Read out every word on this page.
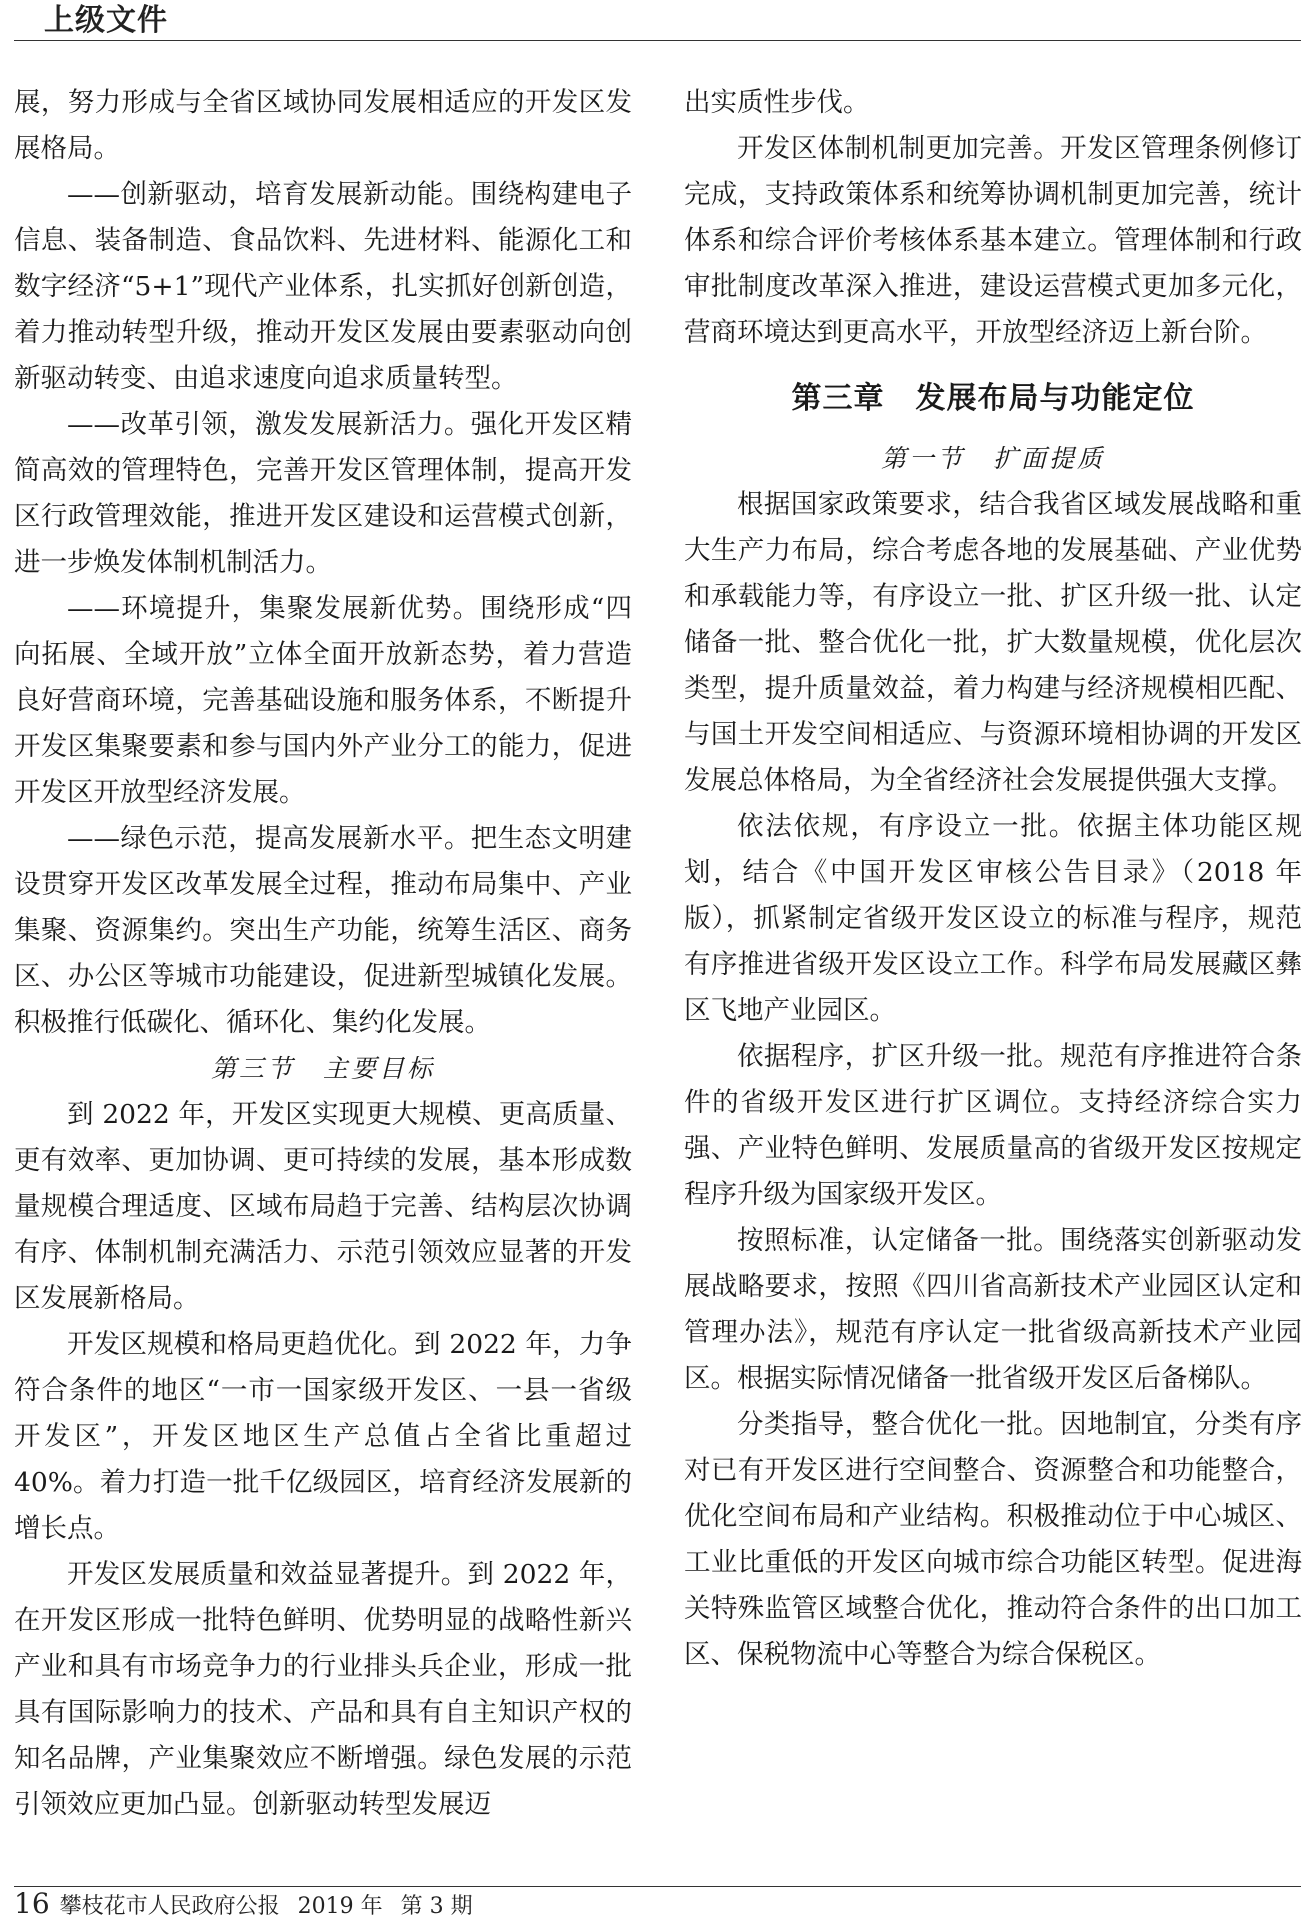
上级文件

展，努力形成与全省区域协同发展相适应的开发区发展格局。

——创新驱动，培育发展新动能。围绕构建电子信息、装备制造、食品饮料、先进材料、能源化工和数字经济“5+1”现代产业体系，扎实抓好创新创造，着力推动转型升级，推动开发区发展由要素驱动向创新驱动转变、由追求速度向追求质量转型。

——改革引领，激发发展新活力。强化开发区精简高效的管理特色，完善开发区管理体制，提高开发区行政管理效能，推进开发区建设和运营模式创新，进一步焕发体制机制活力。

——环境提升，集聚发展新优势。围绕形成“四向拓展、全域开放”立体全面开放新态势，着力营造良好营商环境，完善基础设施和服务体系，不断提升开发区集聚要素和参与国内外产业分工的能力，促进开发区开放型经济发展。

——绿色示范，提高发展新水平。把生态文明建设贯穿开发区改革发展全过程，推动布局集中、产业集聚、资源集约。突出生产功能，统筹生活区、商务区、办公区等城市功能建设，促进新型城镇化发展。积极推行低碳化、循环化、集约化发展。

第三节　主要目标

到 2022 年，开发区实现更大规模、更高质量、更有效率、更加协调、更可持续的发展，基本形成数量规模合理适度、区域布局趋于完善、结构层次协调有序、体制机制充满活力、示范引领效应显著的开发区发展新格局。

开发区规模和格局更趋优化。到 2022 年，力争符合条件的地区“一市一国家级开发区、一县一省级开发区”，开发区地区生产总值占全省比重超过 40%。着力打造一批千亿级园区，培育经济发展新的增长点。

开发区发展质量和效益显著提升。到 2022 年，在开发区形成一批特色鲜明、优势明显的战略性新兴产业和具有市场竞争力的行业排头兵企业，形成一批具有国际影响力的技术、产品和具有自主知识产权的知名品牌，产业集聚效应不断增强。绿色发展的示范引领效应更加凸显。创新驱动转型发展迈

出实质性步伐。

开发区体制机制更加完善。开发区管理条例修订完成，支持政策体系和统筹协调机制更加完善，统计体系和综合评价考核体系基本建立。管理体制和行政审批制度改革深入推进，建设运营模式更加多元化，营商环境达到更高水平，开放型经济迈上新台阶。

第三章　发展布局与功能定位

第一节　扩面提质

根据国家政策要求，结合我省区域发展战略和重大生产力布局，综合考虑各地的发展基础、产业优势和承载能力等，有序设立一批、扩区升级一批、认定储备一批、整合优化一批，扩大数量规模，优化层次类型，提升质量效益，着力构建与经济规模相匹配、与国土开发空间相适应、与资源环境相协调的开发区发展总体格局，为全省经济社会发展提供强大支撑。

依法依规，有序设立一批。依据主体功能区规划，结合《中国开发区审核公告目录》（2018 年版），抓紧制定省级开发区设立的标准与程序，规范有序推进省级开发区设立工作。科学布局发展藏区彝区飞地产业园区。

依据程序，扩区升级一批。规范有序推进符合条件的省级开发区进行扩区调位。支持经济综合实力强、产业特色鲜明、发展质量高的省级开发区按规定程序升级为国家级开发区。

按照标准，认定储备一批。围绕落实创新驱动发展战略要求，按照《四川省高新技术产业园区认定和管理办法》，规范有序认定一批省级高新技术产业园区。根据实际情况储备一批省级开发区后备梯队。

分类指导，整合优化一批。因地制宜，分类有序对已有开发区进行空间整合、资源整合和功能整合，优化空间布局和产业结构。积极推动位于中心城区、工业比重低的开发区向城市综合功能区转型。促进海关特殊监管区域整合优化，推动符合条件的出口加工区、保税物流中心等整合为综合保税区。

16 攀枝花市人民政府公报 2019 年 第 3 期
